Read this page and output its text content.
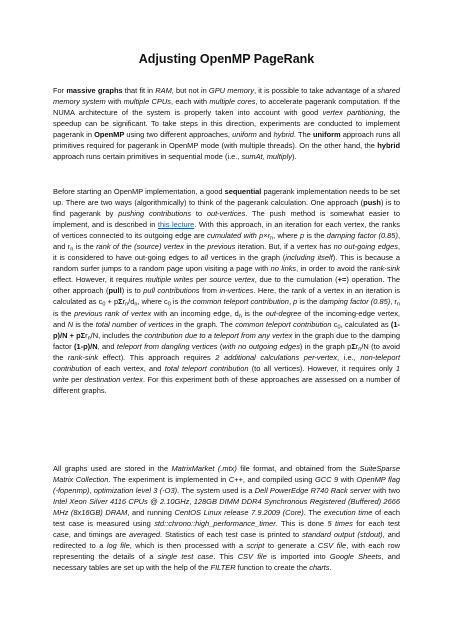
Adjusting OpenMP PageRank

For massive graphs that fit in RAM, but not in GPU memory, it is possible to take advantage of a shared memory system with multiple CPUs, each with multiple cores, to accelerate pagerank computation. If the NUMA architecture of the system is properly taken into account with good vertex partitioning, the speedup can be significant. To take steps in this direction, experiments are conducted to implement pagerank in OpenMP using two different approaches, uniform and hybrid. The uniform approach runs all primitives required for pagerank in OpenMP mode (with multiple threads). On the other hand, the hybrid approach runs certain primitives in sequential mode (i.e., sumAt, multiply).

Before starting an OpenMP implementation, a good sequential pagerank implementation needs to be set up. There are two ways (algorithmically) to think of the pagerank calculation. One approach (push) is to find pagerank by pushing contributions to out-vertices. The push method is somewhat easier to implement, and is described in this lecture. With this approach, in an iteration for each vertex, the ranks of vertices connected to its outgoing edge are cumulated with $p\times r_n$, where p is the damping factor (0.85), and $r_n$ is the rank of the (source) vertex in the previous iteration. But, if a vertex has no out-going edges, it is considered to have out-going edges to all vertices in the graph (including itself). This is because a random surfer jumps to a random page upon visiting a page with no links, in order to avoid the rank-sink effect. However, it requires multiple writes per source vertex, due to the cumulation (+=) operation. The other approach (pull) is to pull contributions from in-vertices. Here, the rank of a vertex in an iteration is calculated as $c_0 + p\Sigma r_n/d_n$, where $c_0$ is the common teleport contribution, p is the damping factor (0.85), $r_n$ is the previous rank of vertex with an incoming edge, $d_n$ is the out-degree of the incoming-edge vertex, and N is the total number of vertices in the graph. The common teleport contribution $c_0$, calculated as (1-p)/N + pΣr$_n$/N, includes the contribution due to a teleport from any vertex in the graph due to the damping factor (1-p)/N, and teleport from dangling vertices (with no outgoing edges) in the graph pΣr$_n$/N (to avoid the rank-sink effect). This approach requires 2 additional calculations per-vertex, i.e., non-teleport contribution of each vertex, and total teleport contribution (to all vertices). However, it requires only 1 write per destination vertex. For this experiment both of these approaches are assessed on a number of different graphs.

All graphs used are stored in the MatrixMarket (.mtx) file format, and obtained from the SuiteSparse Matrix Collection. The experiment is implemented in C++, and compiled using GCC 9 with OpenMP flag (-fopenmp), optimization level 3 (-O3). The system used is a Dell PowerEdge R740 Rack server with two Intel Xeon Silver 4116 CPUs @ 2.10GHz, 128GB DIMM DDR4 Synchronous Registered (Buffered) 2666 MHz (8x16GB) DRAM, and running CentOS Linux release 7.9.2009 (Core). The execution time of each test case is measured using std::chrono::high_performance_timer. This is done 5 times for each test case, and timings are averaged. Statistics of each test case is printed to standard output (stdout), and redirected to a log file, which is then processed with a script to generate a CSV file, with each row representing the details of a single test case. This CSV file is imported into Google Sheets, and necessary tables are set up with the help of the FILTER function to create the charts.
